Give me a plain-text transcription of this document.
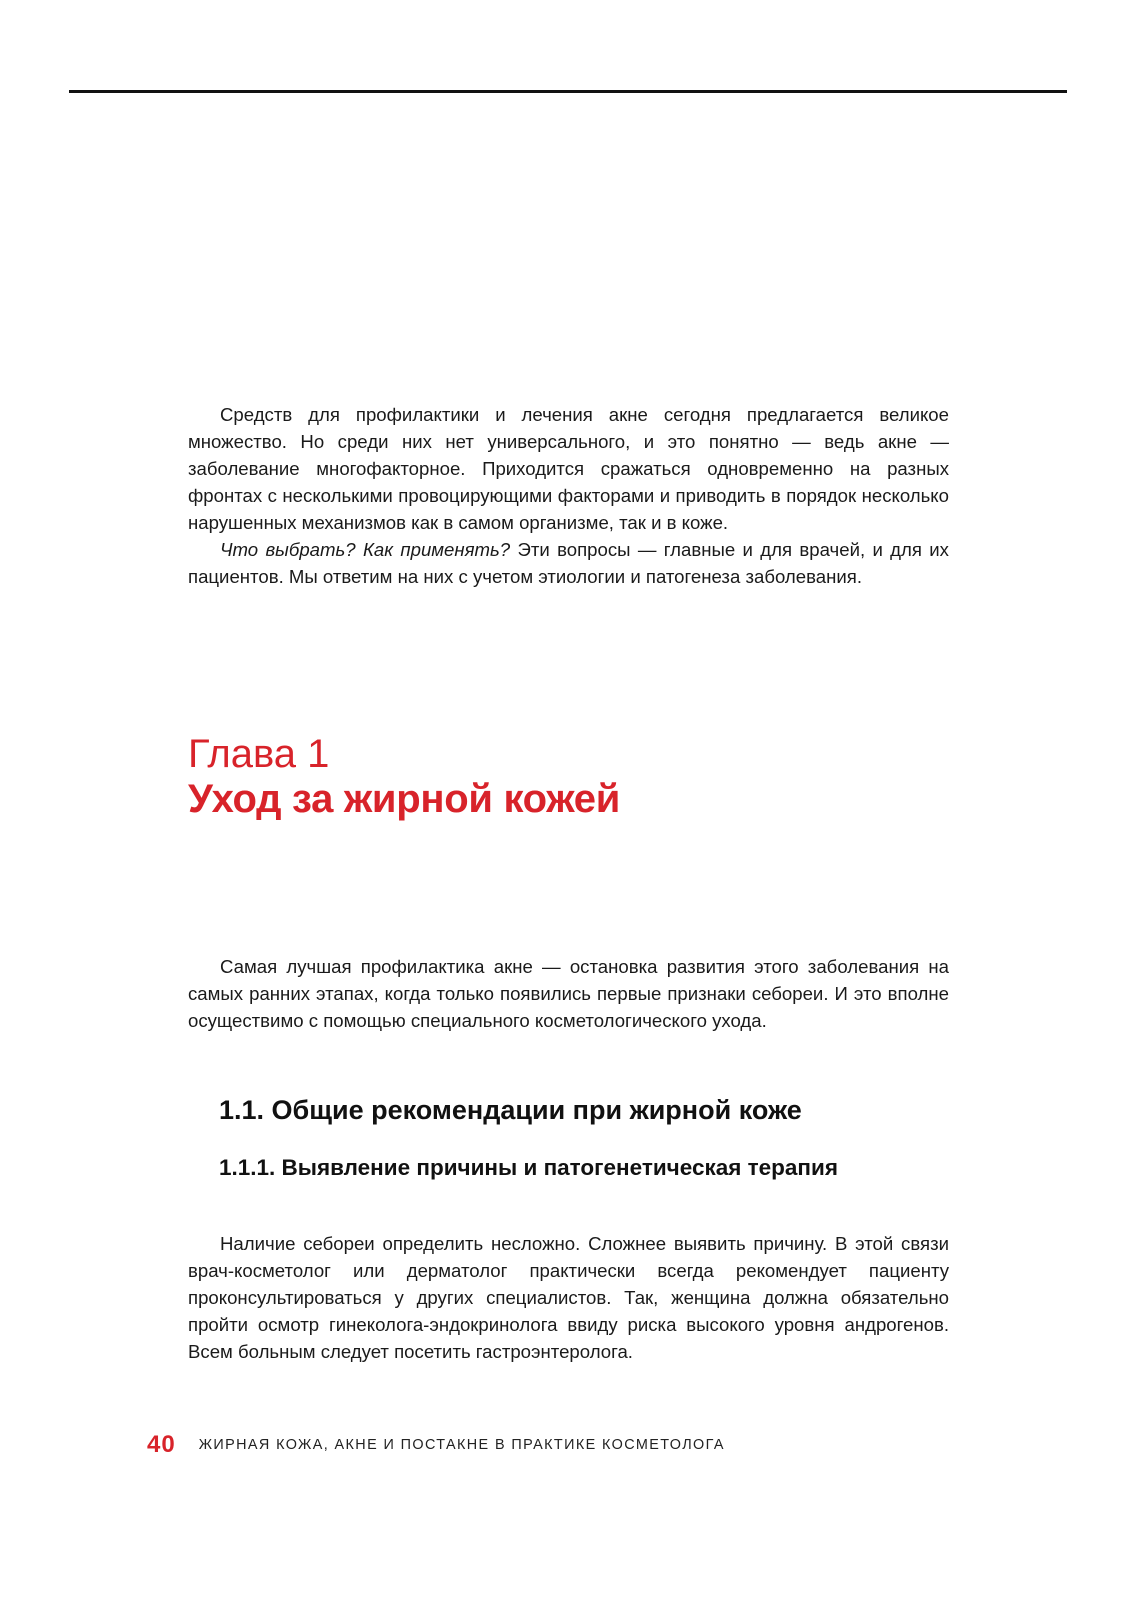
Средств для профилактики и лечения акне сегодня предлагается великое множество. Но среди них нет универсального, и это понятно — ведь акне — заболевание многофакторное. Приходится сражаться одновременно на разных фронтах с несколькими провоцирующими факторами и приводить в порядок несколько нарушенных механизмов как в самом организме, так и в коже.

Что выбрать? Как применять? Эти вопросы — главные и для врачей, и для их пациентов. Мы ответим на них с учетом этиологии и патогенеза заболевания.

Глава 1
Уход за жирной кожей

Самая лучшая профилактика акне — остановка развития этого заболевания на самых ранних этапах, когда только появились первые признаки себореи. И это вполне осуществимо с помощью специального косметологического ухода.

1.1. Общие рекомендации при жирной коже
1.1.1. Выявление причины и патогенетическая терапия

Наличие себореи определить несложно. Сложнее выявить причину. В этой связи врач-косметолог или дерматолог практически всегда рекомендует пациенту проконсультироваться у других специалистов. Так, женщина должна обязательно пройти осмотр гинеколога-эндокринолога ввиду риска высокого уровня андрогенов. Всем больным следует посетить гастроэнтеролога.

40 ЖИРНАЯ КОЖА, АКНЕ И ПОСТАКНЕ В ПРАКТИКЕ КОСМЕТОЛОГА
